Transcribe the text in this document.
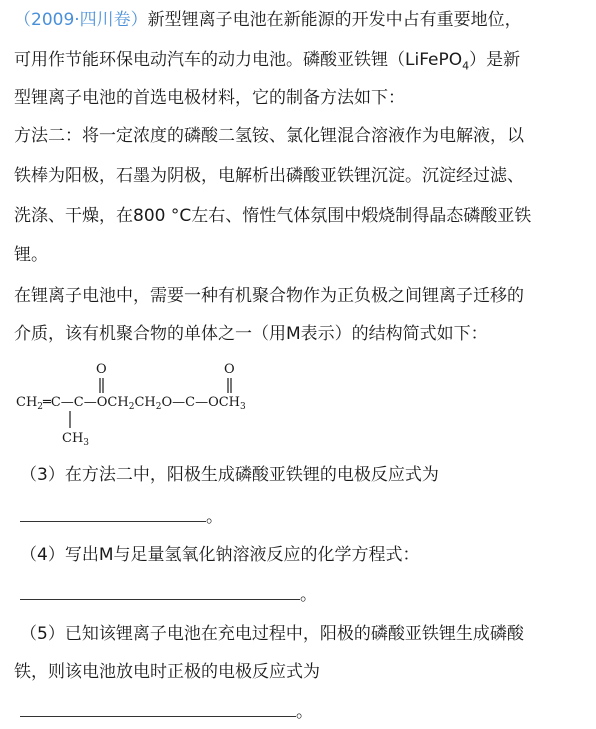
（2009·四川卷）新型锂离子电池在新能源的开发中占有重要地位，
可用作节能环保电动汽车的动力电池。磷酸亚铁锂（LiFePO$_4$）是新
型锂离子电池的首选电极材料，它的制备方法如下：
方法二：将一定浓度的磷酸二氢铵、氯化锂混合溶液作为电解液，以
铁棒为阳极，石墨为阴极，电解析出磷酸亚铁锂沉淀。沉淀经过滤、
洗涤、干燥，在800 °C左右、惰性气体氛围中煅烧制得晶态磷酸亚铁
锂。
在锂离子电池中，需要一种有机聚合物作为正负极之间锂离子迁移的
介质，该有机聚合物的单体之一（用M表示）的结构简式如下：
O	O
$CH_2═C—C—OCH_2CH_2O—C—OCH_3$
$CH_3$
（3）在方法二中，阳极生成磷酸亚铁锂的电极反应式为
。
（4）写出M与足量氢氧化钠溶液反应的化学方程式：
。
（5）已知该锂离子电池在充电过程中，阳极的磷酸亚铁锂生成磷酸
铁，则该电池放电时正极的电极反应式为
。
